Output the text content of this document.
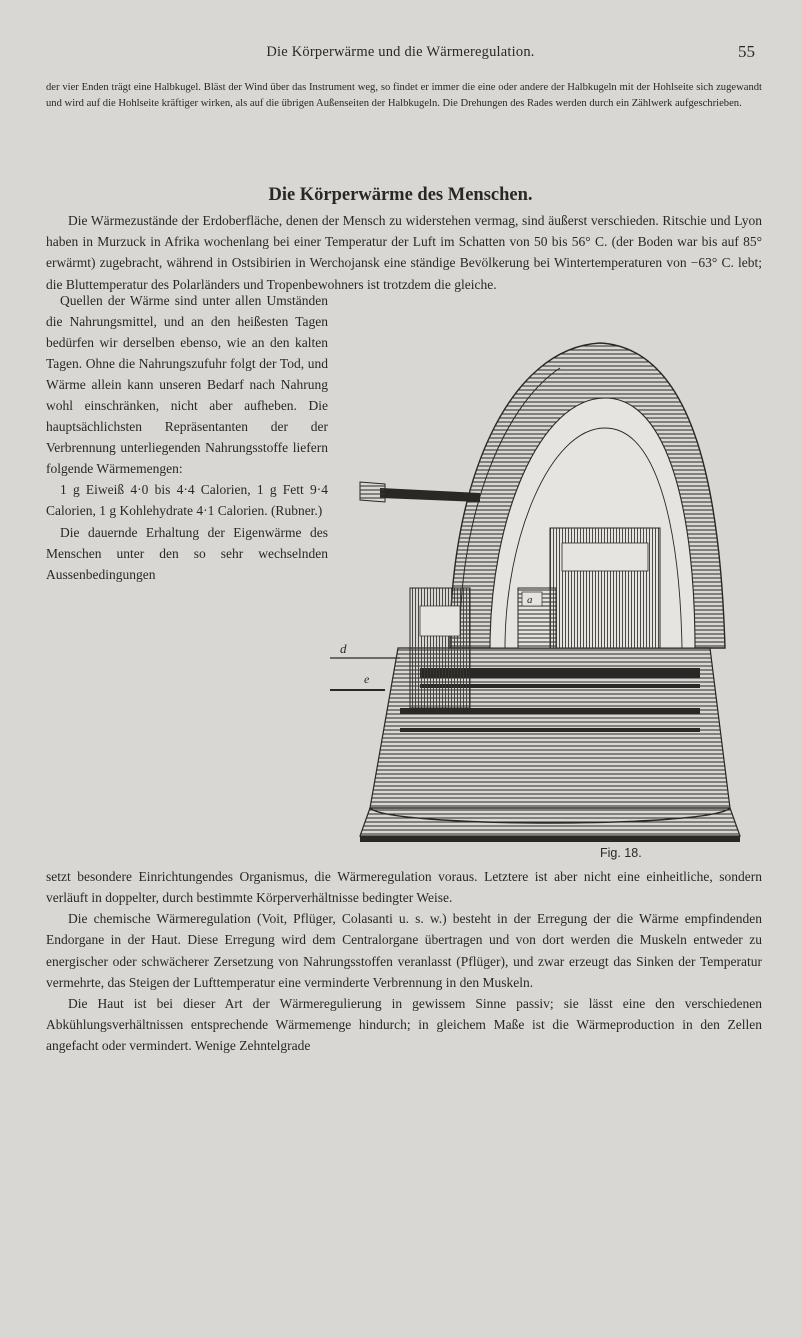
Die Körperwärme und die Wärmeregulation.	55
der vier Enden trägt eine Halbkugel. Bläst der Wind über das Instrument weg, so findet er immer die eine oder andere der Halbkugeln mit der Hohlseite sich zugewandt und wird auf die Hohlseite kräftiger wirken, als auf die übrigen Außenseiten der Halbkugeln. Die Drehungen des Rades werden durch ein Zählwerk aufgeschrieben.
Die Körperwärme des Menschen.

Die Wärmezustände der Erdoberfläche, denen der Mensch zu widerstehen vermag, sind äußerst verschieden. Ritschie und Lyon haben in Murzuck in Afrika wochenlang bei einer Temperatur der Luft im Schatten von 50 bis 56° C. (der Boden war bis auf 85° erwärmt) zugebracht, während in Ostsibirien in Werchojansk eine ständige Bevölkerung bei Wintertemperaturen von −63° C. lebt; die Bluttemperatur des Polarländers und Tropenbewohners ist trotzdem die gleiche.

Quellen der Wärme sind unter allen Umständen die Nahrungsmittel, und an den heißesten Tagen bedürfen wir derselben ebenso, wie an den kalten Tagen. Ohne die Nahrungszufuhr folgt der Tod, und Wärme allein kann unseren Bedarf nach Nahrung wohl einschränken, nicht aber aufheben. Die hauptsächlichsten Repräsentanten der der Verbrennung unterliegenden Nahrungsstoffe liefern folgende Wärmemengen:

1 g Eiweiß 4·0 bis 4·4 Calorien, 1 g Fett 9·4 Calorien, 1 g Kohlehydrate 4·1 Calorien. (Rubner.)

Die dauernde Erhaltung der Eigenwärme des Menschen unter den so sehr wechselnden Aussenbedingungen

a
d
e
Fig. 18.

setzt besondere Einrichtungendes Organismus, die Wärmeregulation voraus. Letztere ist aber nicht eine einheitliche, sondern verläuft in doppelter, durch bestimmte Körperverhältnisse bedingter Weise.

Die chemische Wärmeregulation (Voit, Pflüger, Colasanti u. s. w.) besteht in der Erregung der die Wärme empfindenden Endorgane in der Haut. Diese Erregung wird dem Centralorgane übertragen und von dort werden die Muskeln entweder zu energischer oder schwächerer Zersetzung von Nahrungsstoffen veranlasst (Pflüger), und zwar erzeugt das Sinken der Temperatur vermehrte, das Steigen der Lufttemperatur eine verminderte Verbrennung in den Muskeln.

Die Haut ist bei dieser Art der Wärmeregulierung in gewissem Sinne passiv; sie lässt eine den verschiedenen Abkühlungsverhältnissen entsprechende Wärmemenge hindurch; in gleichem Maße ist die Wärmeproduction in den Zellen angefacht oder vermindert. Wenige Zehntelgrade
